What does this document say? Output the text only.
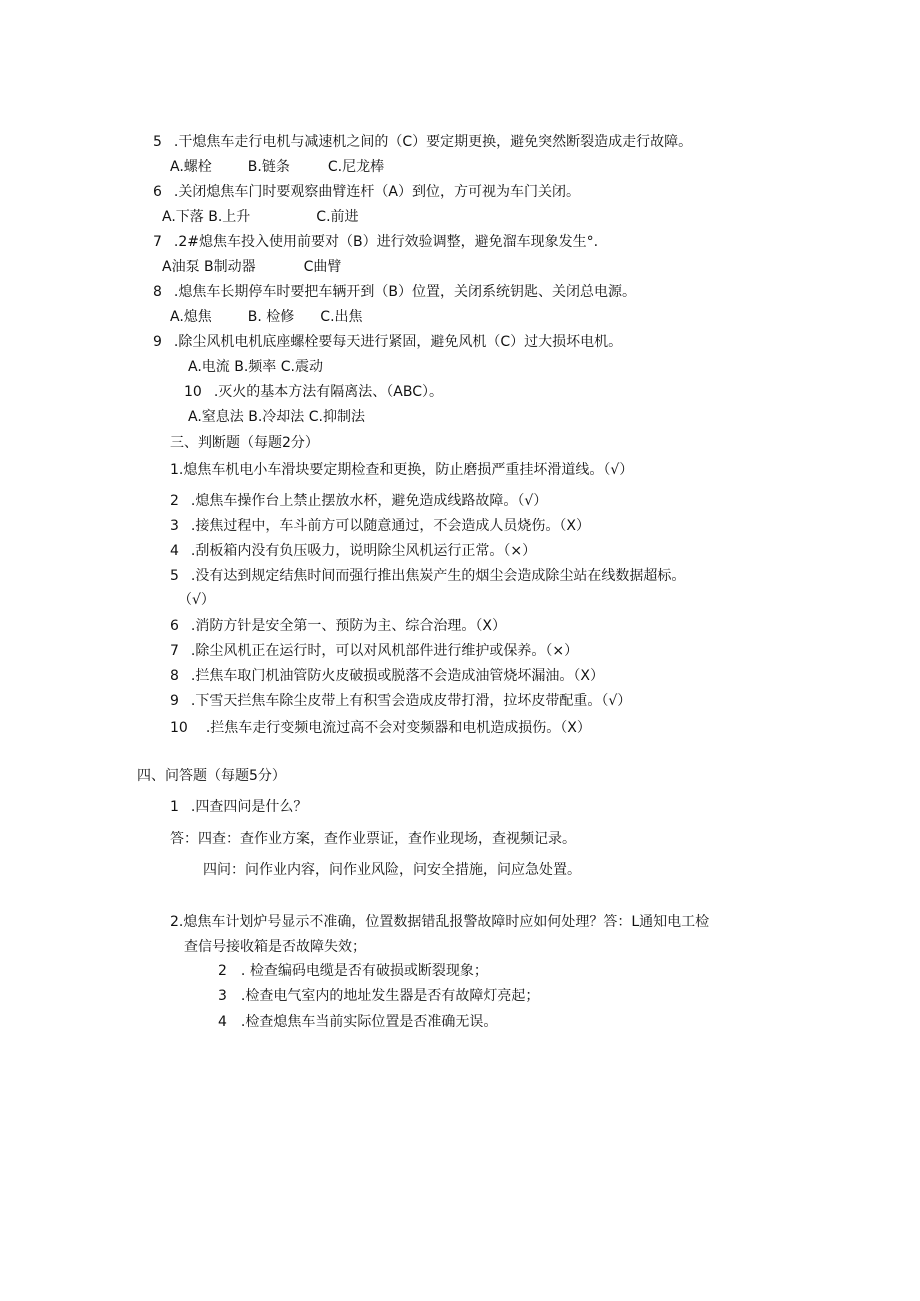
5 .干熄焦车走行电机与减速机之间的（C）要定期更换，避免突然断裂造成走行故障。
A.螺栓	B.链条	C.尼龙棒
6 .关闭熄焦车门时要观察曲臂连杆（A）到位，方可视为车门关闭。
A.下落 B.上升	C.前进
7 .2#熄焦车投入使用前要对（B）进行效验调整，避免溜车现象发生°.
A油泵 B制动器	C曲臂
8 .熄焦车长期停车时要把车辆开到（B）位置，关闭系统钥匙、关闭总电源。
A.熄焦	B. 检修 C.出焦
9 .除尘风机电机底座螺栓要每天进行紧固，避免风机（C）过大损坏电机。
A.电流 B.频率 C.震动
10 .灭火的基本方法有隔离法、（ABC）。
A.窒息法 B.冷却法 C.抑制法
三、判断题（每题2分）
1.熄焦车机电小车滑块要定期检查和更换，防止磨损严重挂坏滑道线。（√）
2 .熄焦车操作台上禁止摆放水杯，避免造成线路故障。（√）
3 .接焦过程中，车斗前方可以随意通过，不会造成人员烧伤。（X）
4 .刮板箱内没有负压吸力，说明除尘风机运行正常。（×）
5 .没有达到规定结焦时间而强行推出焦炭产生的烟尘会造成除尘站在线数据超标。
（√）
6 .消防方针是安全第一、预防为主、综合治理。（X）
7 .除尘风机正在运行时，可以对风机部件进行维护或保养。（×）
8 .拦焦车取门机油管防火皮破损或脱落不会造成油管烧坏漏油。（X）
9 .下雪天拦焦车除尘皮带上有积雪会造成皮带打滑，拉坏皮带配重。（√）
10 .拦焦车走行变频电流过高不会对变频器和电机造成损伤。（X）
四、问答题（每题5分）
1 .四查四问是什么？
答：四查：查作业方案，查作业票证，查作业现场，查视频记录。
四问：问作业内容，问作业风险，问安全措施，问应急处置。
2.熄焦车计划炉号显示不准确，位置数据错乱报警故障时应如何处理？答：L通知电工检
查信号接收箱是否故障失效；
2 . 检查编码电缆是否有破损或断裂现象；
3 .检查电气室内的地址发生器是否有故障灯亮起；
4 .检查熄焦车当前实际位置是否准确无误。
